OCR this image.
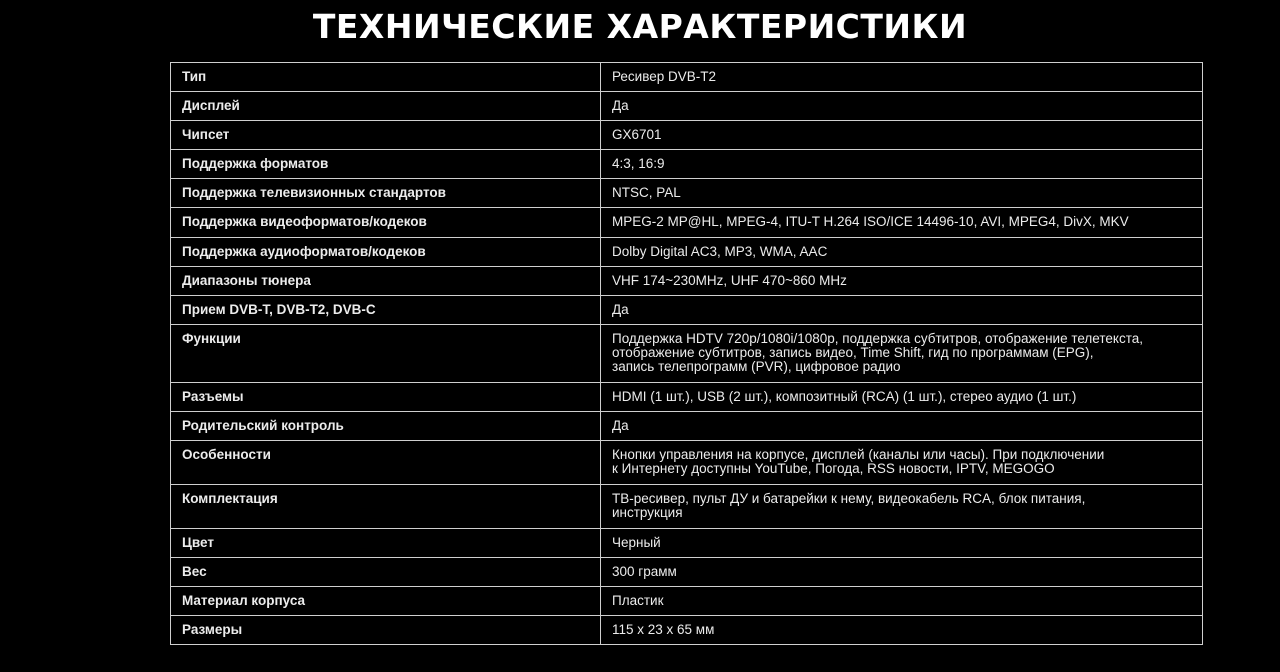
ТЕХНИЧЕСКИЕ ХАРАКТЕРИСТИКИ
Тип	Ресивер DVB-T2
Дисплей	Да
Чипсет	GX6701
Поддержка форматов	4:3, 16:9
Поддержка телевизионных стандартов	NTSC, PAL
Поддержка видеоформатов/кодеков	MPEG-2 MP@HL, MPEG-4, ITU-T H.264 ISO/ICE 14496-10, AVI, MPEG4, DivX, MKV
Поддержка аудиоформатов/кодеков	Dolby Digital AC3, MP3, WMA, AAC
Диапазоны тюнера	VHF 174~230MHz, UHF 470~860 MHz
Прием DVB-T, DVB-T2, DVB-C	Да
Функции	Поддержка HDTV 720p/1080i/1080p, поддержка субтитров, отображение телетекста,
отображение субтитров, запись видео, Time Shift, гид по программам (EPG),
запись телепрограмм (PVR), цифровое радио
Разъемы	HDMI (1 шт.), USB (2 шт.), композитный (RCA) (1 шт.), стерео аудио (1 шт.)
Родительский контроль	Да
Особенности	Кнопки управления на корпусе, дисплей (каналы или часы). При подключении
к Интернету доступны YouTube, Погода, RSS новости, IPTV, MEGOGO
Комплектация	ТВ-ресивер, пульт ДУ и батарейки к нему, видеокабель RCA, блок питания,
инструкция
Цвет	Черный
Вес	300 грамм
Материал корпуса	Пластик
Размеры	115 x 23 x 65 мм
